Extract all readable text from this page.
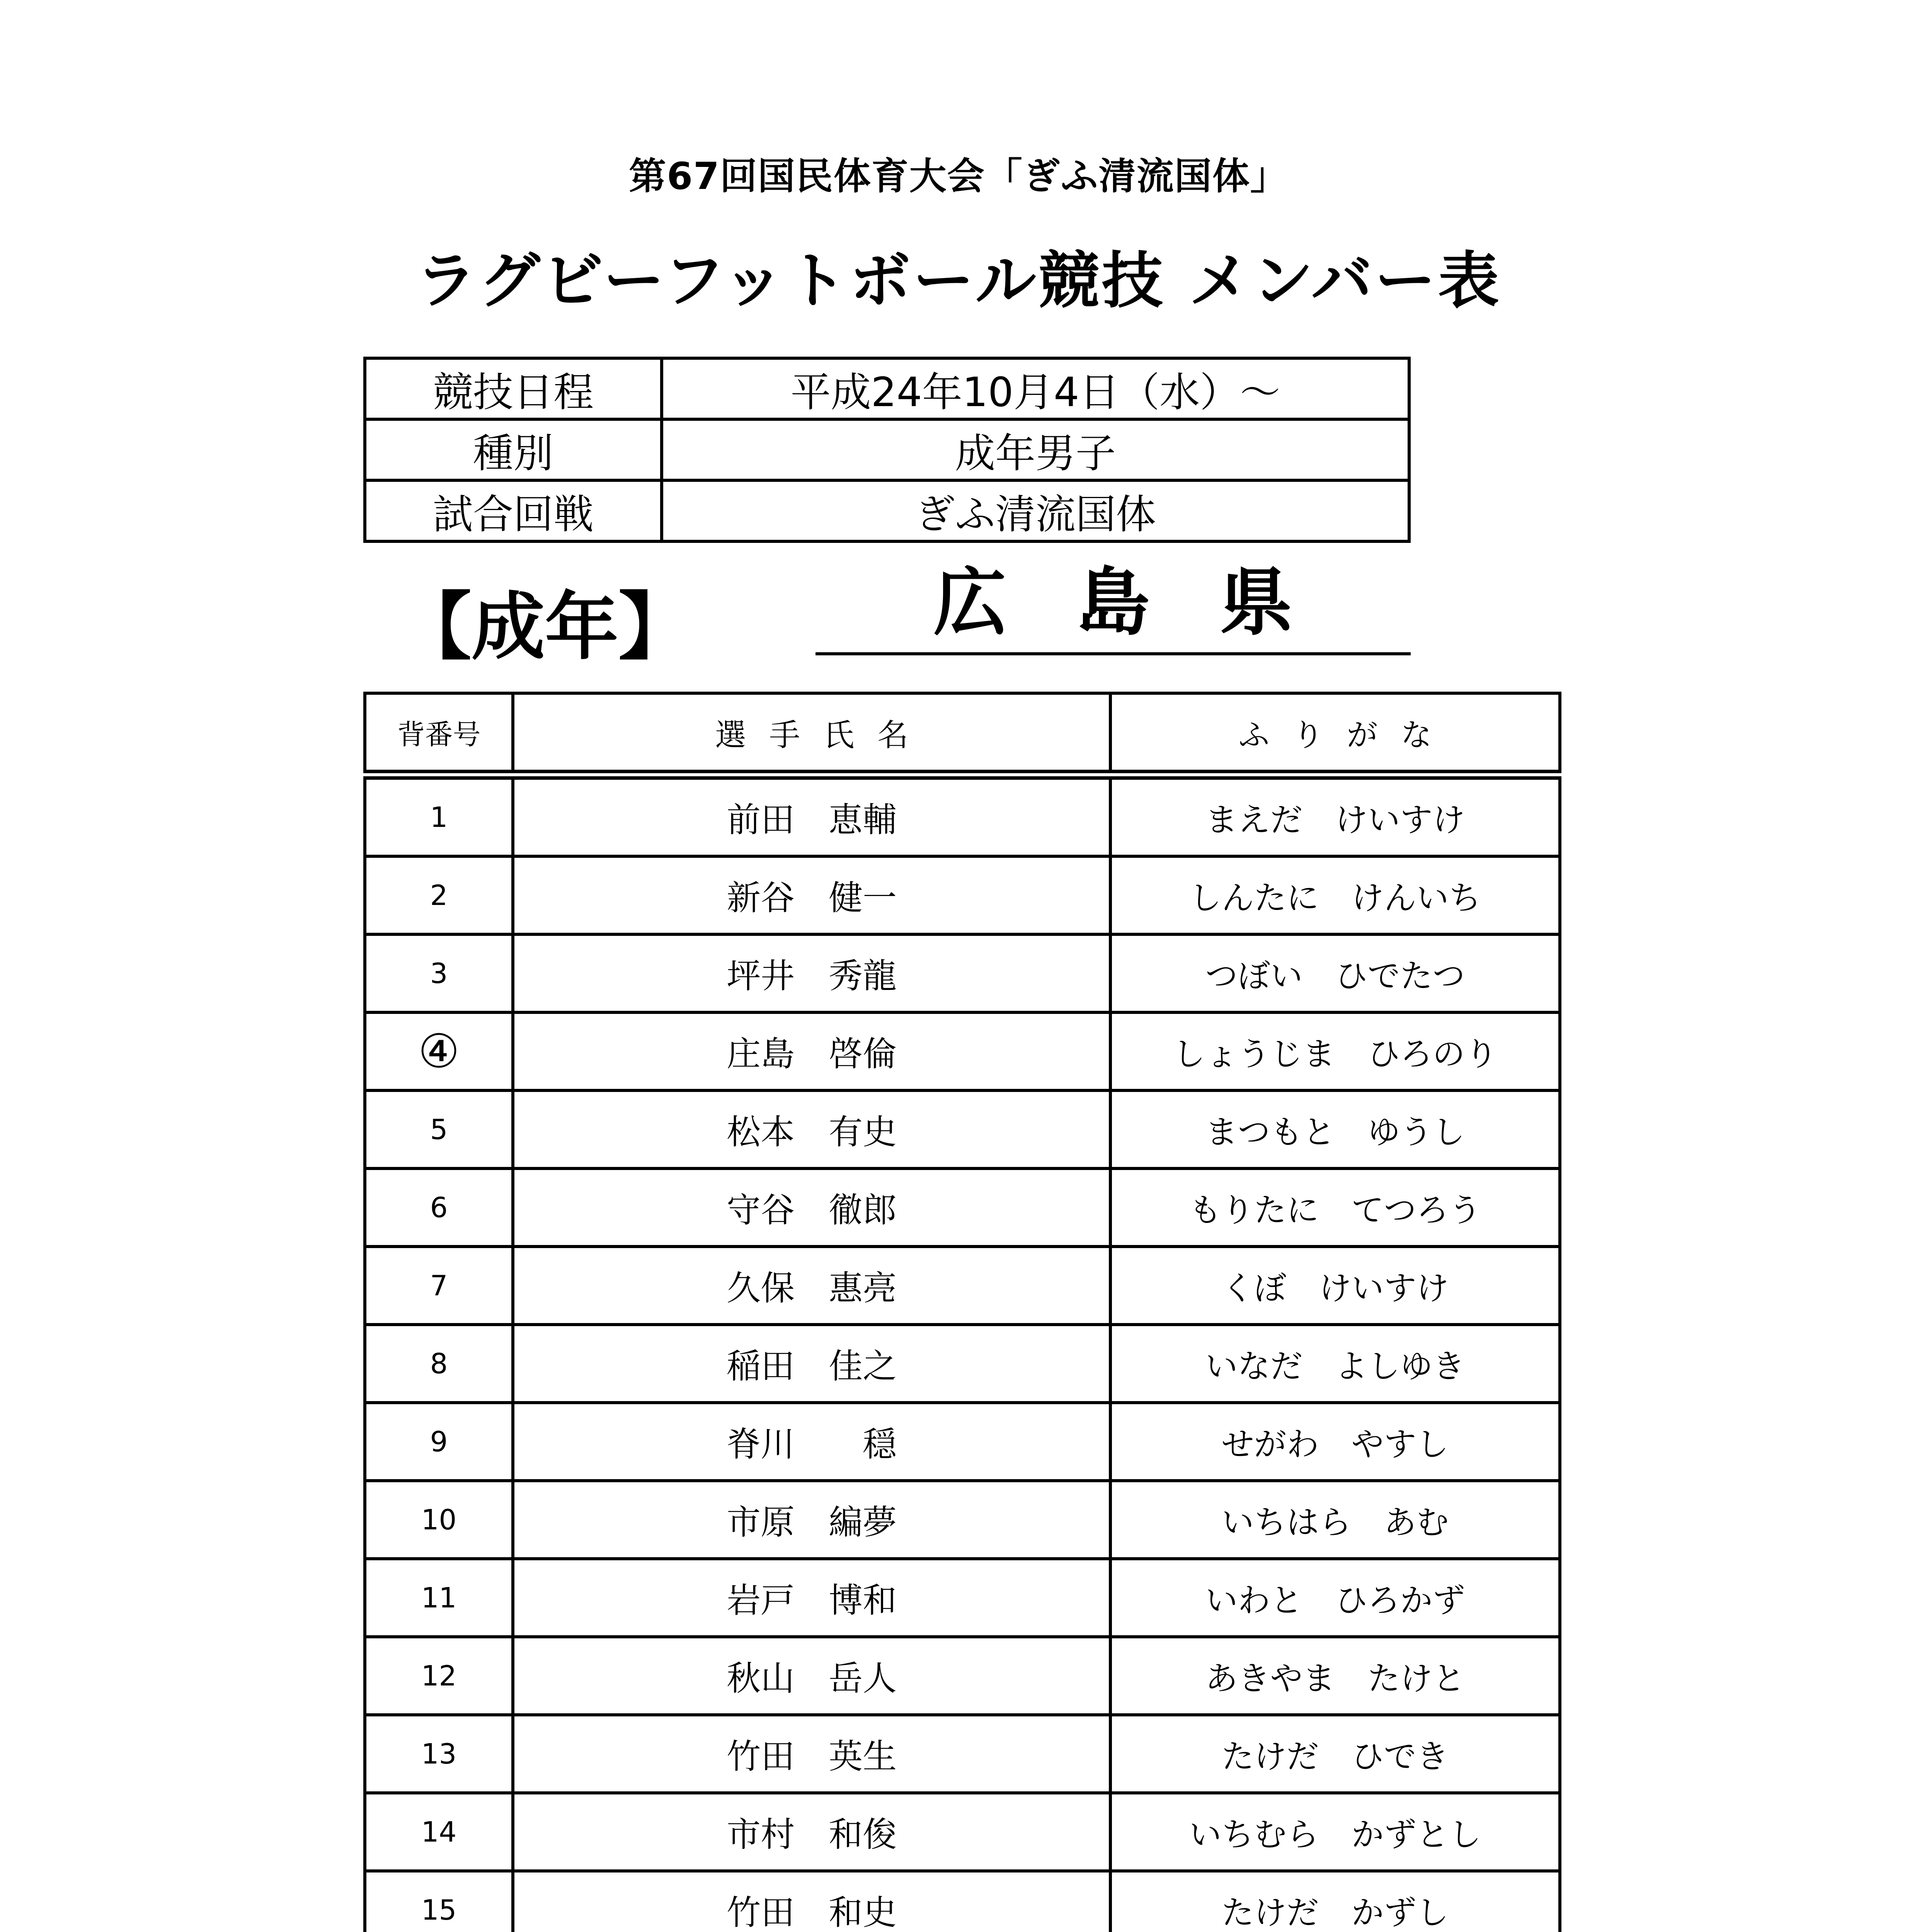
第67回国民体育大会「ぎふ清流国体」
ラグビーフットボール競技 メンバー表
競技日程	平成24年10月4日（水）～
種別	成年男子
試合回戦	ぎふ清流国体
【成年】	広島県
背番号	選手氏名	ふりがな
1	前田　恵輔	まえだ　けいすけ
2	新谷　健一	しんたに　けんいち
3	坪井　秀龍	つぼい　ひでたつ
④	庄島　啓倫	しょうじま　ひろのり
5	松本　有史	まつもと　ゆうし
6	守谷　徹郎	もりたに　てつろう
7	久保　惠亮	くぼ　けいすけ
8	稲田　佳之	いなだ　よしゆき
9	脊川　　穏	せがわ　やすし
10	市原　編夢	いちはら　あむ
11	岩戸　博和	いわと　ひろかず
12	秋山　岳人	あきやま　たけと
13	竹田　英生	たけだ　ひでき
14	市村　和俊	いちむら　かずとし
15	竹田　和史	たけだ　かずし
